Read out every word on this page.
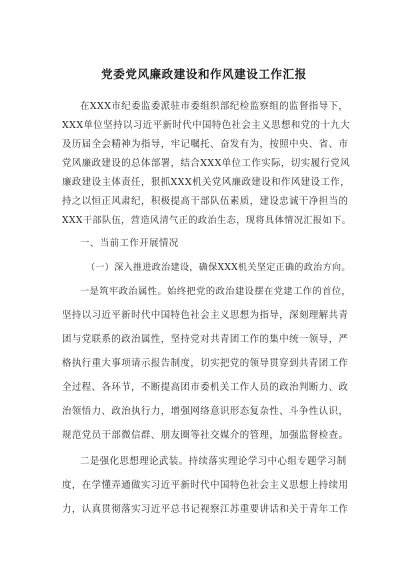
党委党风廉政建设和作风建设工作汇报
在XXX市纪委监委派驻市委组织部纪检监察组的监督指导下，
XXX单位坚持以习近平新时代中国特色社会主义思想和党的十九大
及历届全会精神为指导，牢记嘱托、奋发有为，按照中央、省、市
党风廉政建设的总体部署，结合XXX单位工作实际，切实履行党风
廉政建设主体责任，狠抓XXX机关党风廉政建设和作风建设工作，
持之以恒正风肃纪，积极提高干部队伍素质，建设忠诚干净担当的
XXX干部队伍，营造风清气正的政治生态，现将具体情况汇报如下。
一、当前工作开展情况
（一）深入推进政治建设，确保XXX机关坚定正确的政治方向。
一是筑牢政治属性。始终把党的政治建设摆在党建工作的首位，
坚持以习近平新时代中国特色社会主义思想为指导，深刻理解共青
团与党联系的政治属性，坚持党对共青团工作的集中统一领导，严
格执行重大事项请示报告制度，切实把党的领导贯穿到共青团工作
全过程、各环节，不断提高团市委机关工作人员的政治判断力、政
治领悟力、政治执行力，增强网络意识形态复杂性、斗争性认识，
规范党员干部微信群、朋友圈等社交媒介的管理，加强监督检查。
二是强化思想理论武装。持续落实理论学习中心组专题学习制
度，在学懂弄通做实习近平新时代中国特色社会主义思想上持续用
力，认真贯彻落实习近平总书记视察江苏重要讲话和关于青年工作
